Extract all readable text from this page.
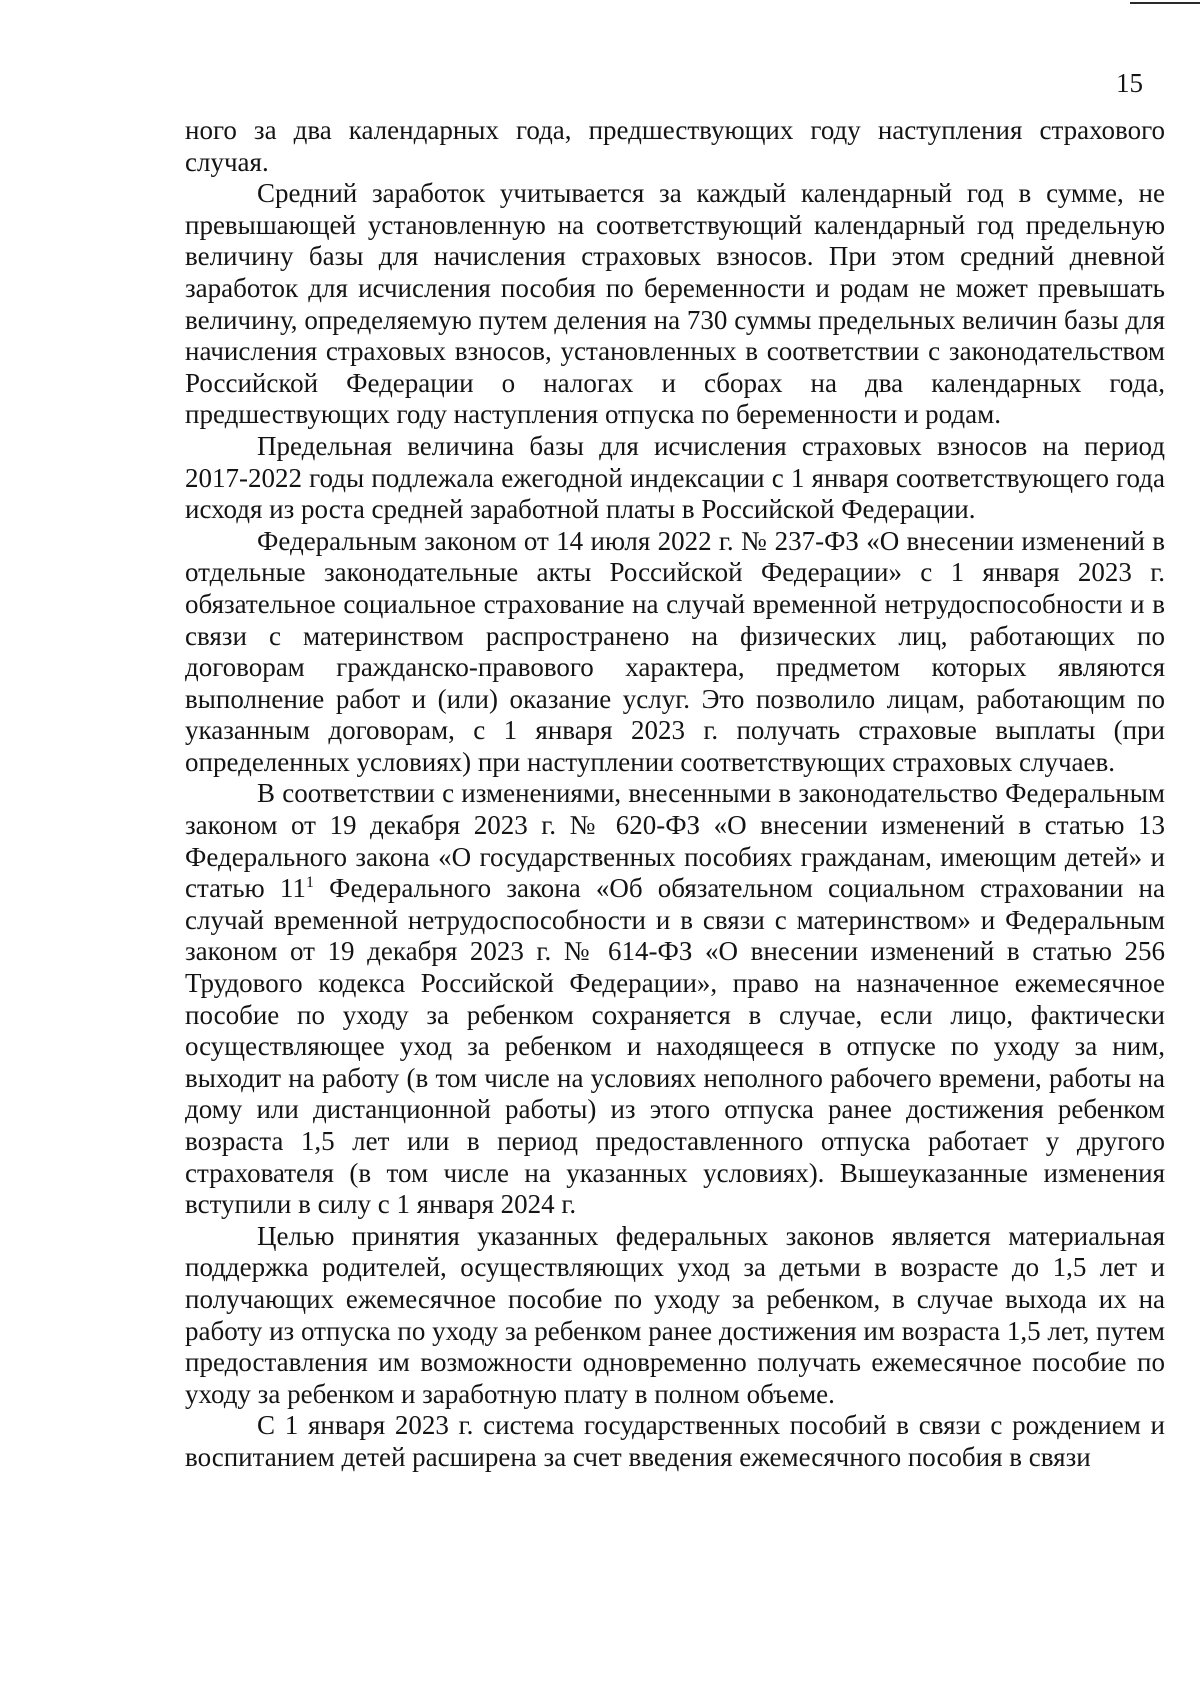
15

ного за два календарных года, предшествующих году наступления страхового случая.

Средний заработок учитывается за каждый календарный год в сумме, не превышающей установленную на соответствующий календарный год предельную величину базы для начисления страховых взносов. При этом средний дневной заработок для исчисления пособия по беременности и родам не может превышать величину, определяемую путем деления на 730 суммы предельных величин базы для начисления страховых взносов, установленных в соответствии с законодательством Российской Федерации о налогах и сборах на два календарных года, предшествующих году наступления отпуска по беременности и родам.

Предельная величина базы для исчисления страховых взносов на период 2017-2022 годы подлежала ежегодной индексации с 1 января соответствующего года исходя из роста средней заработной платы в Российской Федерации.

Федеральным законом от 14 июля 2022 г. № 237-ФЗ «О внесении изменений в отдельные законодательные акты Российской Федерации» с 1 января 2023 г. обязательное социальное страхование на случай временной нетрудоспособности и в связи с материнством распространено на физических лиц, работающих по договорам гражданско-правового характера, предметом которых являются выполнение работ и (или) оказание услуг. Это позволило лицам, работающим по указанным договорам, с 1 января 2023 г. получать страховые выплаты (при определенных условиях) при наступлении соответствующих страховых случаев.

В соответствии с изменениями, внесенными в законодательство Федеральным законом от 19 декабря 2023 г. № 620-ФЗ «О внесении изменений в статью 13 Федерального закона «О государственных пособиях гражданам, имеющим детей» и статью $11^1$ Федерального закона «Об обязательном социальном страховании на случай временной нетрудоспособности и в связи с материнством» и Федеральным законом от 19 декабря 2023 г. № 614-ФЗ «О внесении изменений в статью 256 Трудового кодекса Российской Федерации», право на назначенное ежемесячное пособие по уходу за ребенком сохраняется в случае, если лицо, фактически осуществляющее уход за ребенком и находящееся в отпуске по уходу за ним, выходит на работу (в том числе на условиях неполного рабочего времени, работы на дому или дистанционной работы) из этого отпуска ранее достижения ребенком возраста 1,5 лет или в период предоставленного отпуска работает у другого страхователя (в том числе на указанных условиях). Вышеуказанные изменения вступили в силу с 1 января 2024 г.

Целью принятия указанных федеральных законов является материальная поддержка родителей, осуществляющих уход за детьми в возрасте до 1,5 лет и получающих ежемесячное пособие по уходу за ребенком, в случае выхода их на работу из отпуска по уходу за ребенком ранее достижения им возраста 1,5 лет, путем предоставления им возможности одновременно получать ежемесячное пособие по уходу за ребенком и заработную плату в полном объеме.

С 1 января 2023 г. система государственных пособий в связи с рождением и воспитанием детей расширена за счет введения ежемесячного пособия в связи
